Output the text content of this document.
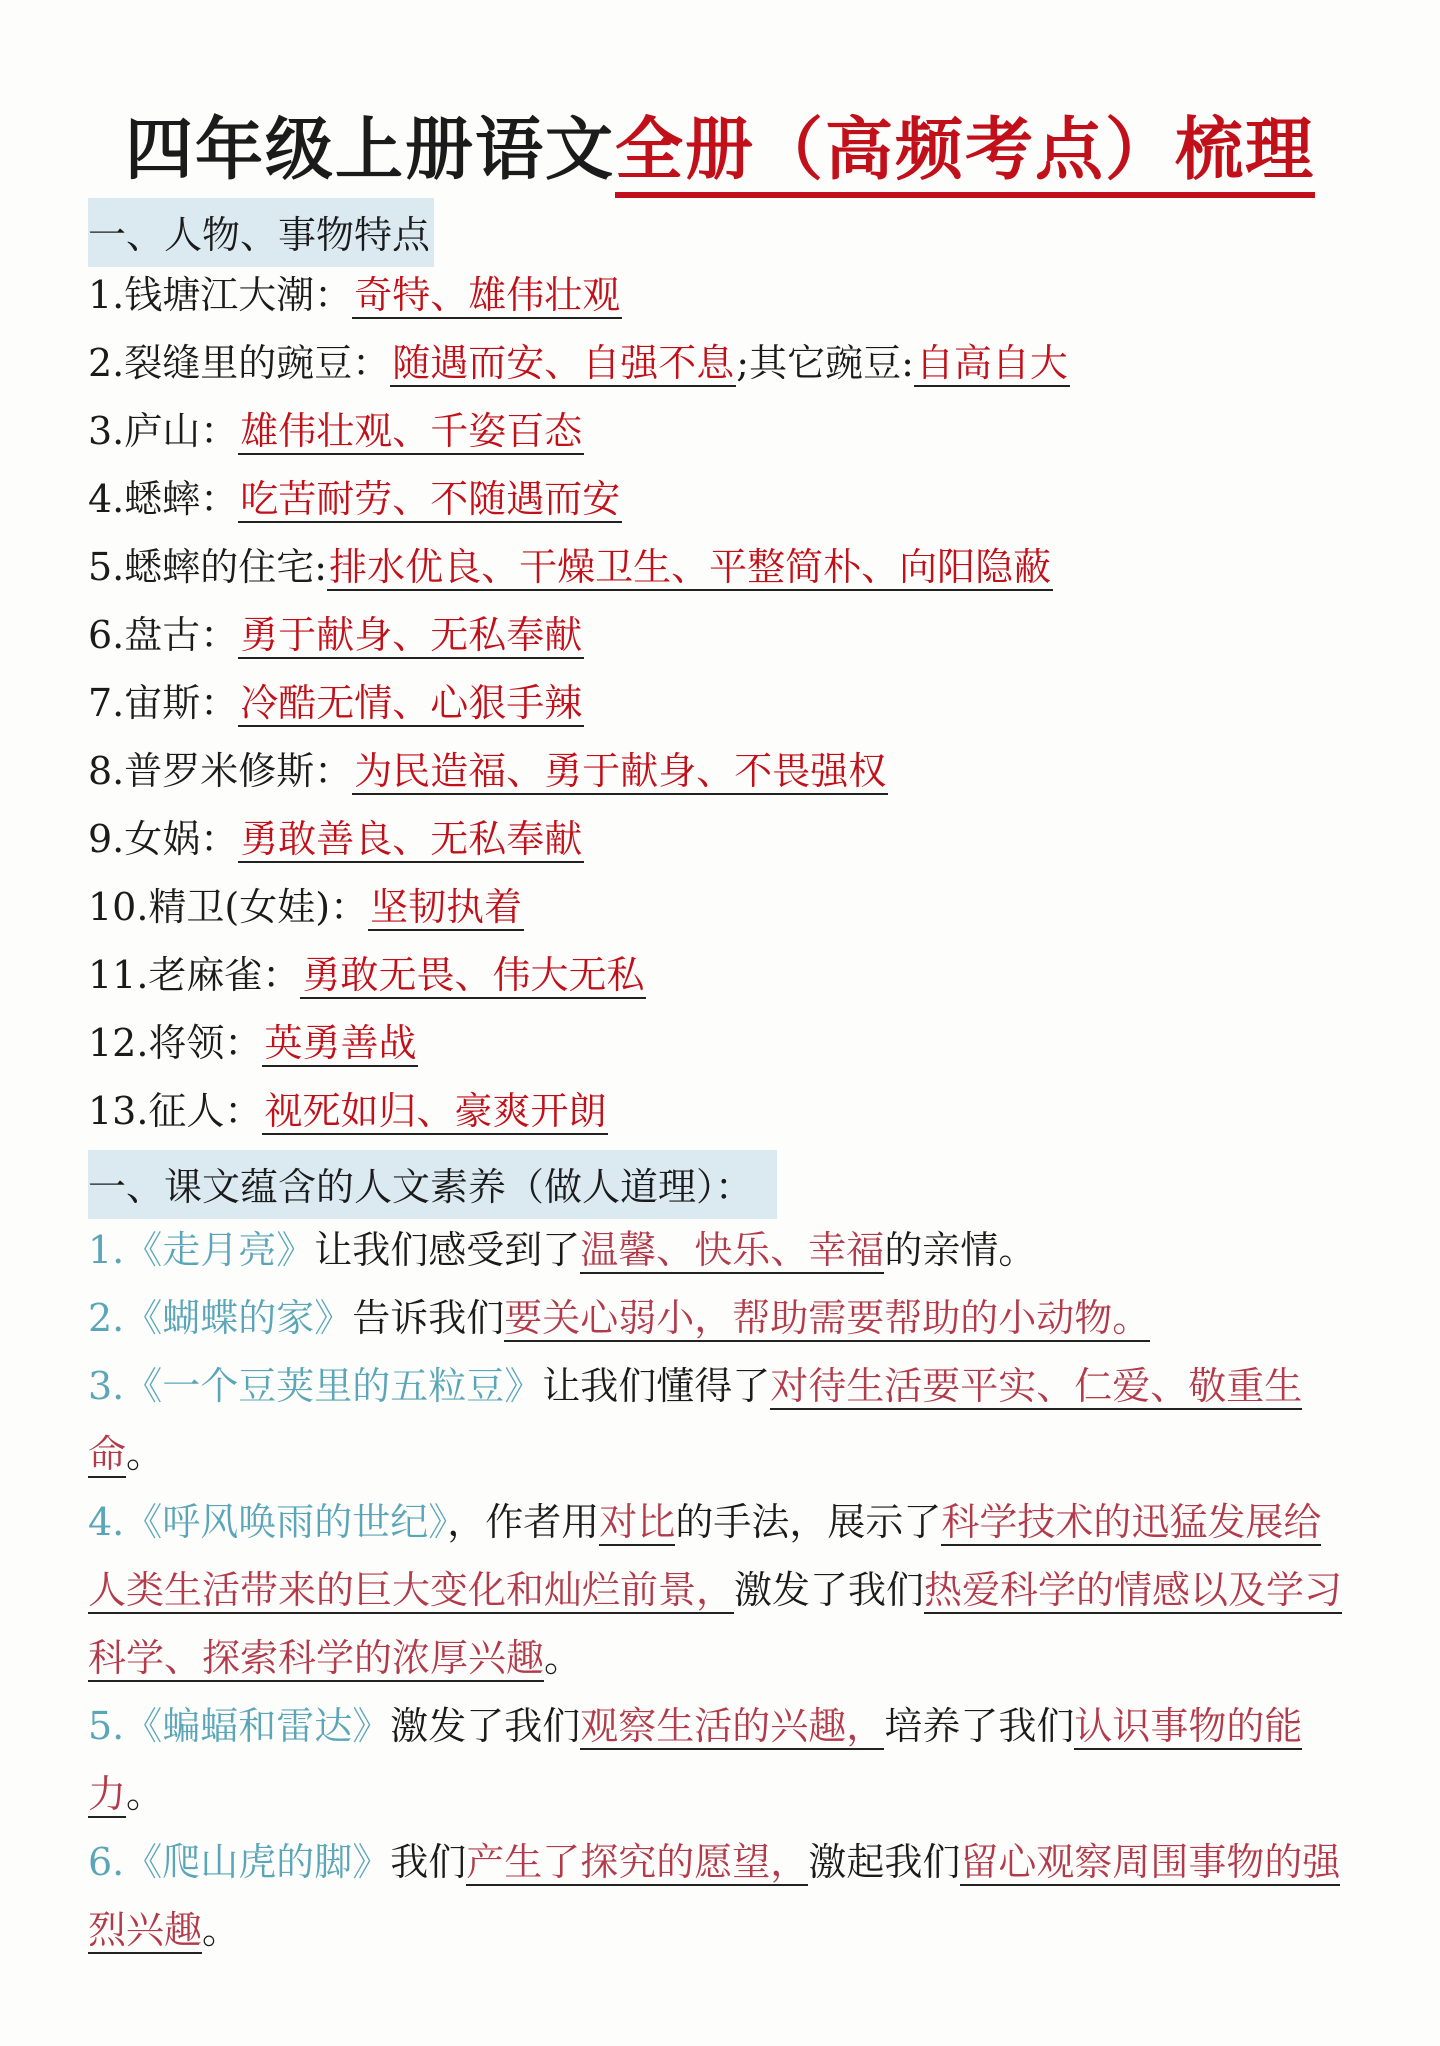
四年级上册语文全册（高频考点）梳理
一、人物、事物特点
1.钱塘江大潮：奇特、雄伟壮观
2.裂缝里的豌豆：随遇而安、自强不息;其它豌豆:自高自大
3.庐山：雄伟壮观、千姿百态
4.蟋蟀：吃苦耐劳、不随遇而安
5.蟋蟀的住宅:排水优良、干燥卫生、平整简朴、向阳隐蔽
6.盘古：勇于献身、无私奉献
7.宙斯：冷酷无情、心狠手辣
8.普罗米修斯：为民造福、勇于献身、不畏强权
9.女娲：勇敢善良、无私奉献
10.精卫(女娃)：坚韧执着
11.老麻雀：勇敢无畏、伟大无私
12.将领：英勇善战
13.征人：视死如归、豪爽开朗
一、课文蕴含的人文素养（做人道理）：
1.《走月亮》让我们感受到了温馨、快乐、幸福的亲情。
2.《蝴蝶的家》告诉我们要关心弱小，帮助需要帮助的小动物。
3.《一个豆荚里的五粒豆》让我们懂得了对待生活要平实、仁爱、敬重生命。
4.《呼风唤雨的世纪》，作者用对比的手法，展示了科学技术的迅猛发展给人类生活带来的巨大变化和灿烂前景，激发了我们热爱科学的情感以及学习科学、探索科学的浓厚兴趣。
5.《蝙蝠和雷达》激发了我们观察生活的兴趣，培养了我们认识事物的能力。
6.《爬山虎的脚》我们产生了探究的愿望，激起我们留心观察周围事物的强烈兴趣。
